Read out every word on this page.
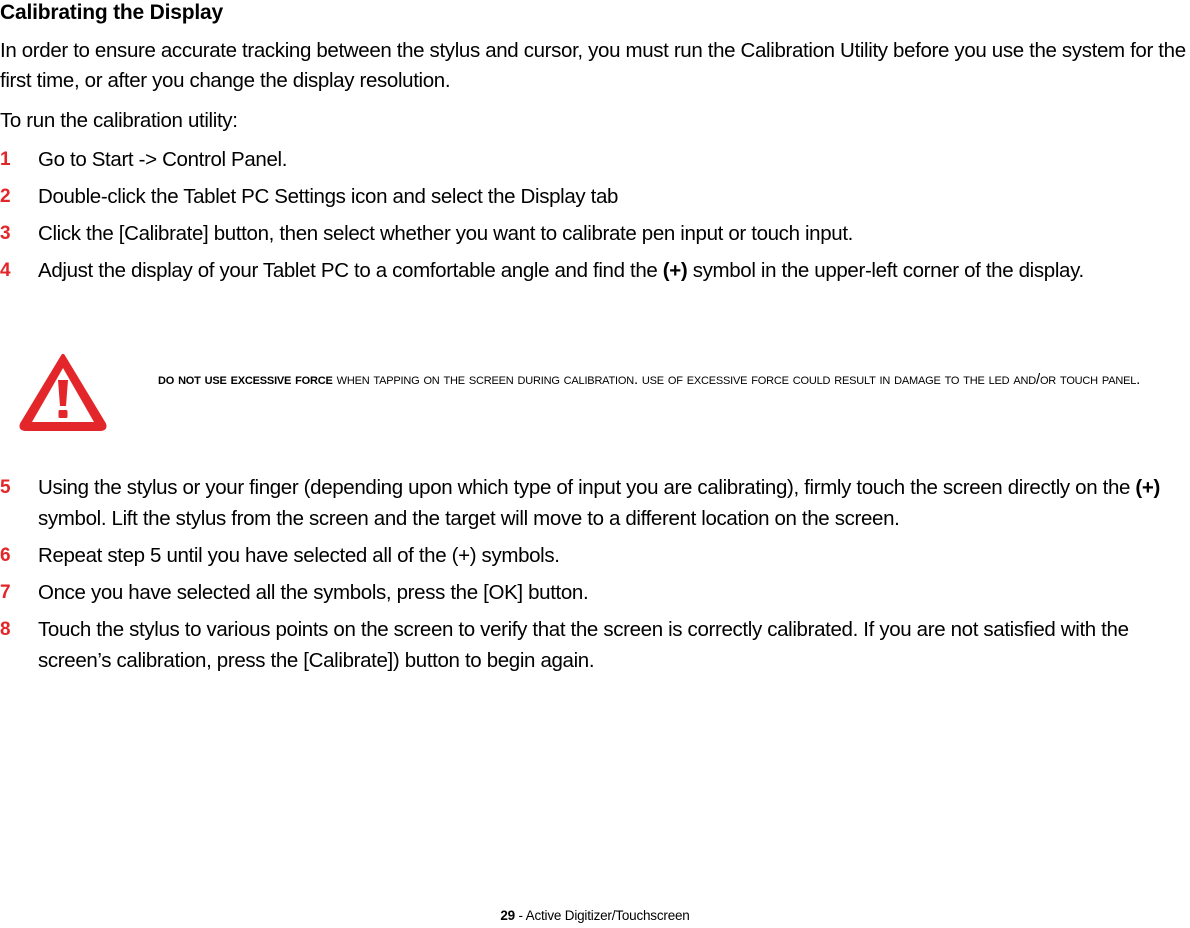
Calibrating the Display

In order to ensure accurate tracking between the stylus and cursor, you must run the Calibration Utility before you use the system for the first time, or after you change the display resolution.

To run the calibration utility:

1 Go to Start -> Control Panel.
2 Double-click the Tablet PC Settings icon and select the Display tab
3 Click the [Calibrate] button, then select whether you want to calibrate pen input or touch input.
4 Adjust the display of your Tablet PC to a comfortable angle and find the (+) symbol in the upper-left corner of the display.
do not use excessive force when tapping on the screen during calibration. use of excessive force could result in damage to the led and/or touch panel.
5 Using the stylus or your finger (depending upon which type of input you are calibrating), firmly touch the screen directly on the (+) symbol. Lift the stylus from the screen and the target will move to a different location on the screen.
6 Repeat step 5 until you have selected all of the (+) symbols.
7 Once you have selected all the symbols, press the [OK] button.
8 Touch the stylus to various points on the screen to verify that the screen is correctly calibrated. If you are not satisfied with the screen’s calibration, press the [Calibrate]) button to begin again.
29 - Active Digitizer/Touchscreen
